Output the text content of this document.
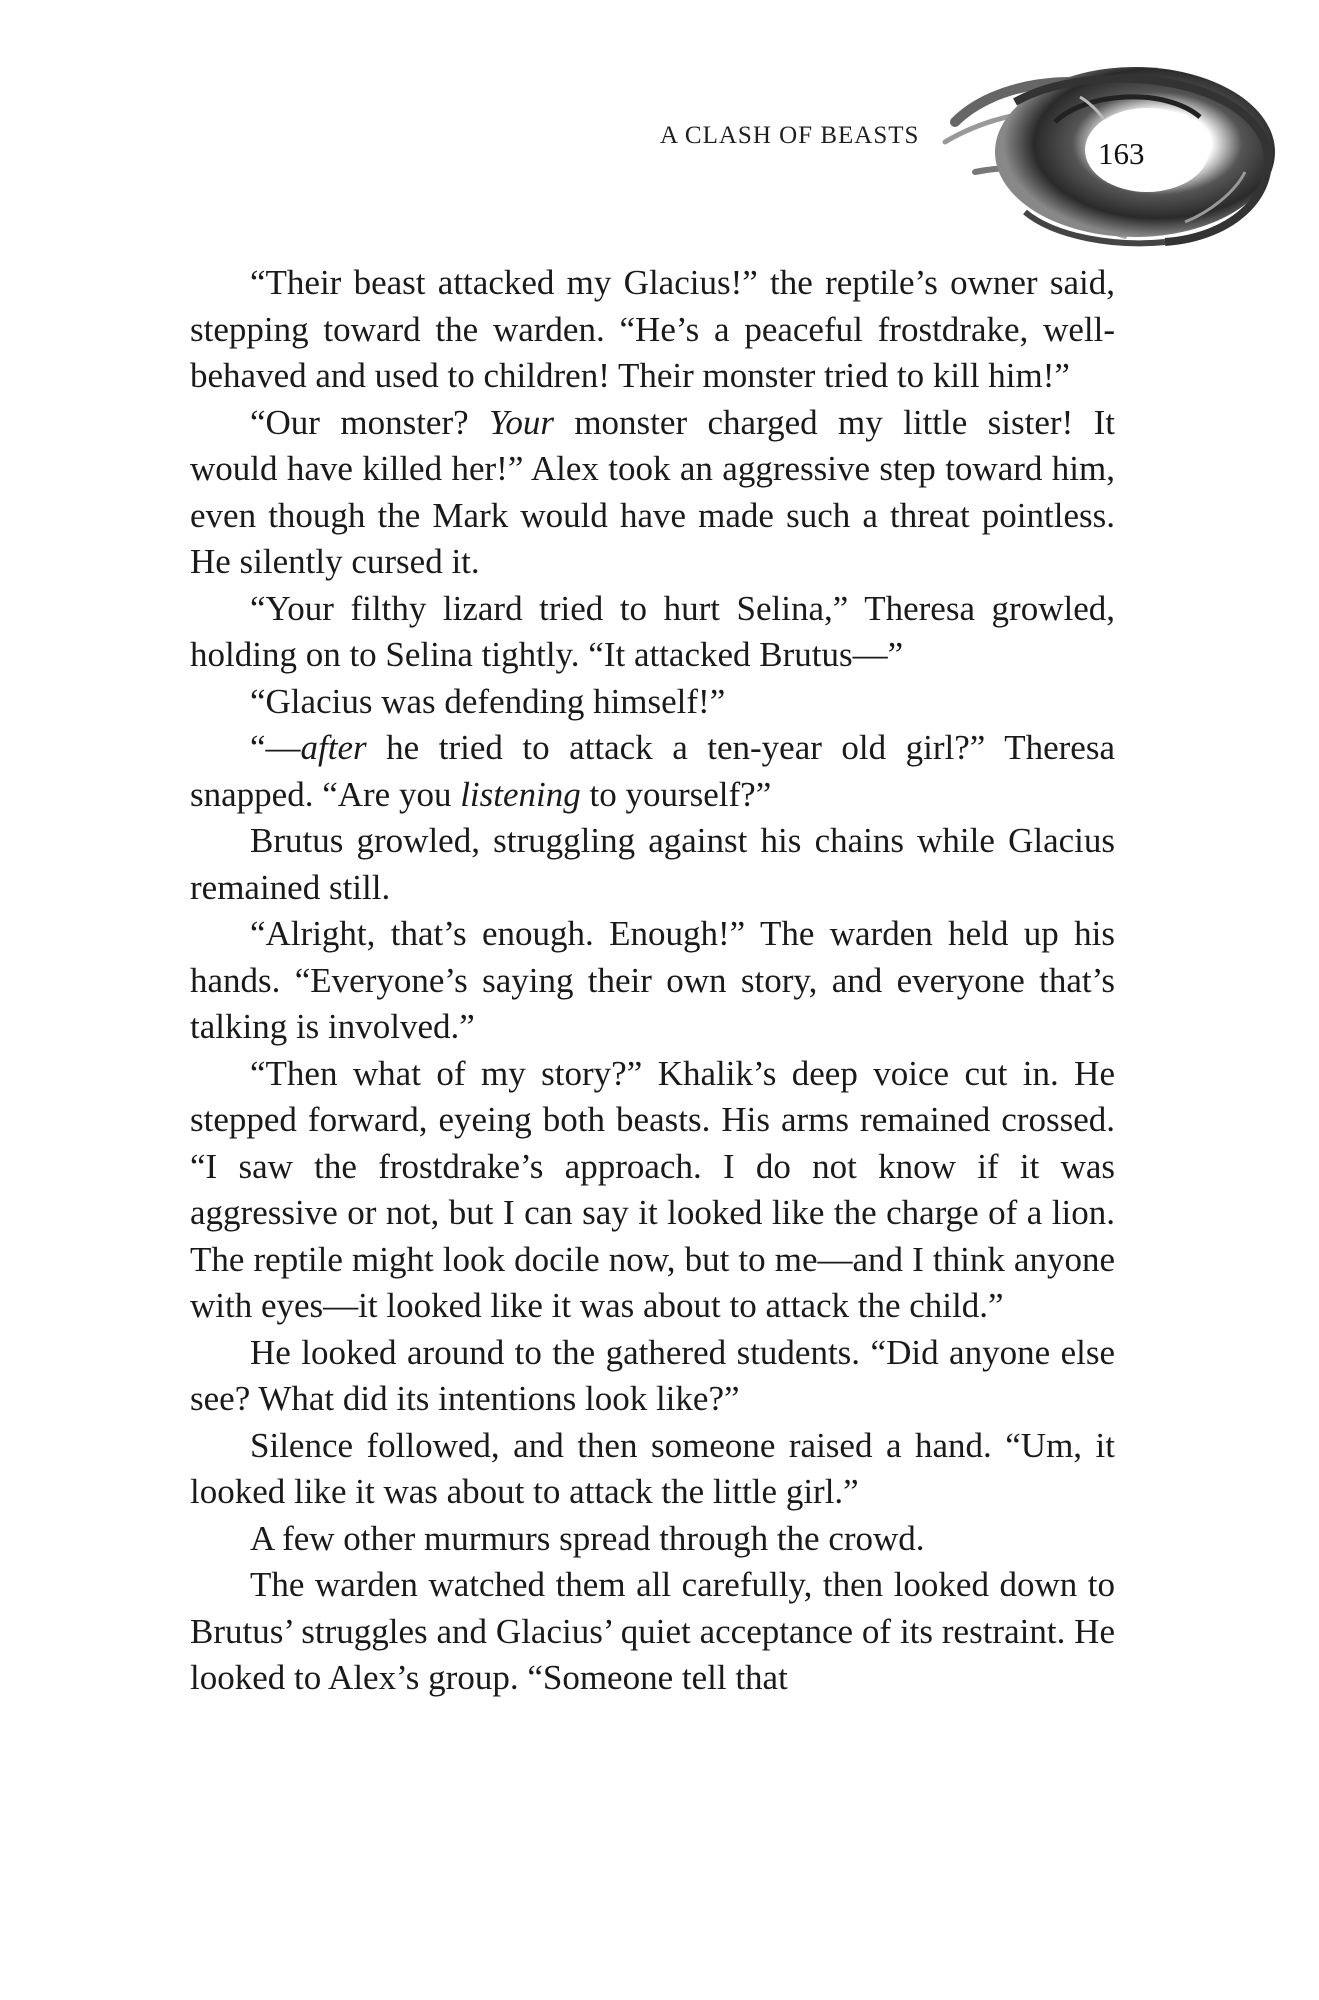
A CLASH OF BEASTS
163

“Their beast attacked my Glacius!” the reptile’s owner said, stepping toward the warden. “He’s a peaceful frostdrake, well-behaved and used to children! Their monster tried to kill him!”

“Our monster? Your monster charged my little sister! It would have killed her!” Alex took an aggressive step toward him, even though the Mark would have made such a threat pointless. He silently cursed it.

“Your filthy lizard tried to hurt Selina,” Theresa growled, holding on to Selina tightly. “It attacked Brutus—”

“Glacius was defending himself!”

“—after he tried to attack a ten-year old girl?” Theresa snapped. “Are you listening to yourself?”

Brutus growled, struggling against his chains while Glacius remained still.

“Alright, that’s enough. Enough!” The warden held up his hands. “Everyone’s saying their own story, and everyone that’s talking is involved.”

“Then what of my story?” Khalik’s deep voice cut in. He stepped forward, eyeing both beasts. His arms remained crossed. “I saw the frostdrake’s approach. I do not know if it was aggressive or not, but I can say it looked like the charge of a lion. The reptile might look docile now, but to me—and I think anyone with eyes—it looked like it was about to attack the child.”

He looked around to the gathered students. “Did anyone else see? What did its intentions look like?”

Silence followed, and then someone raised a hand. “Um, it looked like it was about to attack the little girl.”

A few other murmurs spread through the crowd.

The warden watched them all carefully, then looked down to Brutus’ struggles and Glacius’ quiet acceptance of its restraint. He looked to Alex’s group. “Someone tell that
